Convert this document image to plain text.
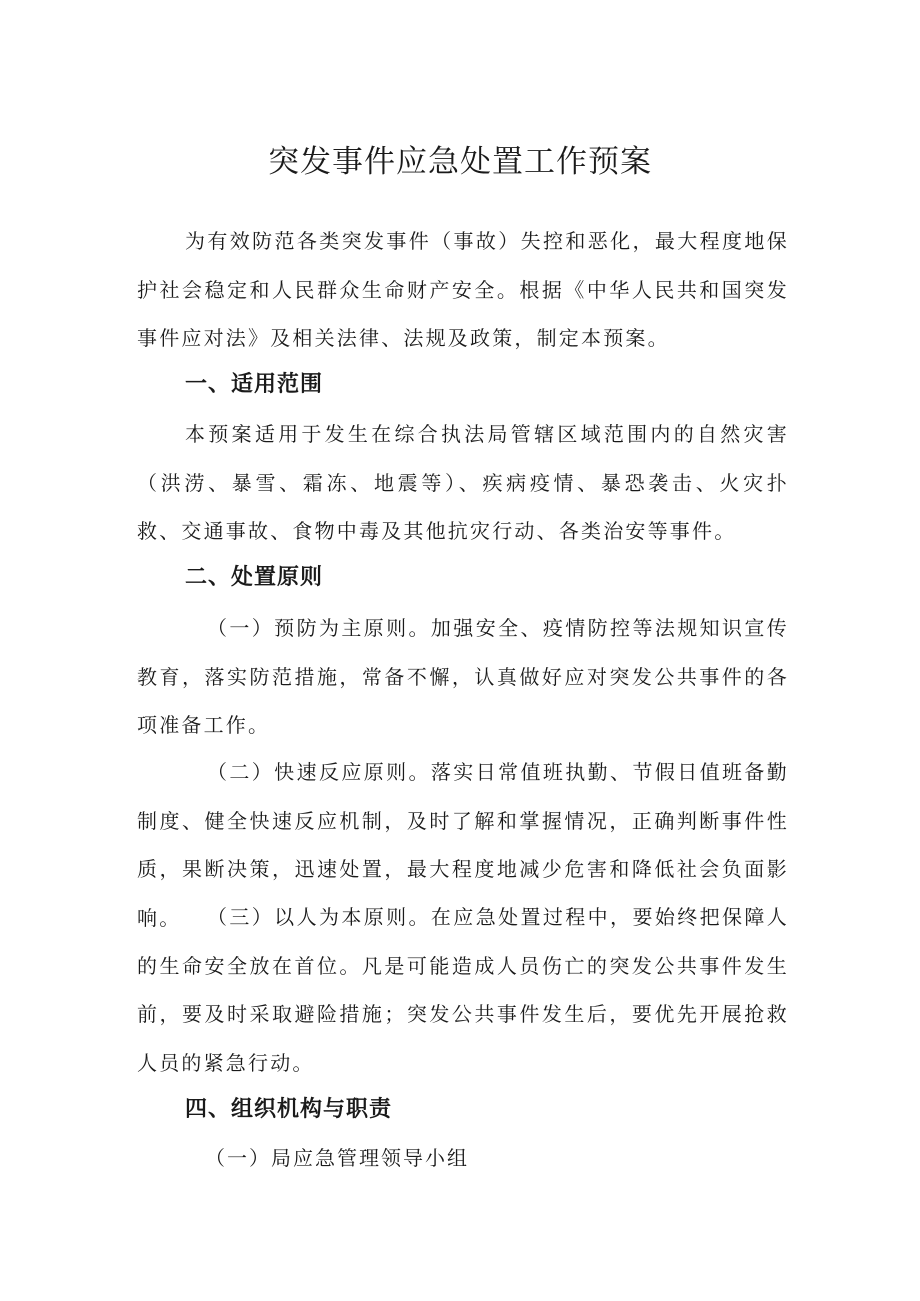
突发事件应急处置工作预案

为有效防范各类突发事件（事故）失控和恶化，最大程度地保护社会稳定和人民群众生命财产安全。根据《中华人民共和国突发事件应对法》及相关法律、法规及政策，制定本预案。

一、适用范围

本预案适用于发生在综合执法局管辖区域范围内的自然灾害（洪涝、暴雪、霜冻、地震等）、疾病疫情、暴恐袭击、火灾扑救、交通事故、食物中毒及其他抗灾行动、各类治安等事件。

二、处置原则

（一）预防为主原则。加强安全、疫情防控等法规知识宣传教育，落实防范措施，常备不懈，认真做好应对突发公共事件的各项准备工作。

（二）快速反应原则。落实日常值班执勤、节假日值班备勤制度、健全快速反应机制，及时了解和掌握情况，正确判断事件性质，果断决策，迅速处置，最大程度地减少危害和降低社会负面影响。	（三）以人为本原则。在应急处置过程中，要始终把保障人的生命安全放在首位。凡是可能造成人员伤亡的突发公共事件发生前，要及时采取避险措施；突发公共事件发生后，要优先开展抢救人员的紧急行动。

四、组织机构与职责
（一）局应急管理领导小组
